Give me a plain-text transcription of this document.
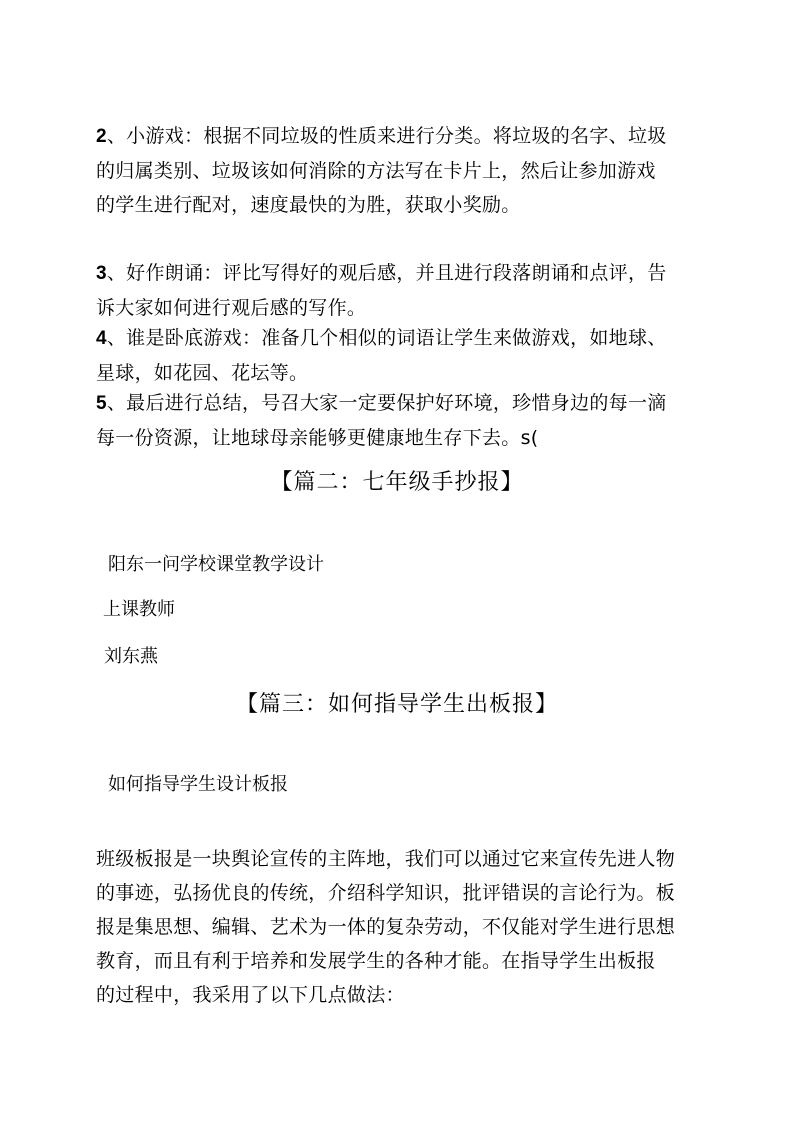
2、小游戏：根据不同垃圾的性质来进行分类。将垃圾的名字、垃圾
的归属类别、垃圾该如何消除的方法写在卡片上，然后让参加游戏
的学生进行配对，速度最快的为胜，获取小奖励。
3、好作朗诵：评比写得好的观后感，并且进行段落朗诵和点评，告
诉大家如何进行观后感的写作。
4、谁是卧底游戏：准备几个相似的词语让学生来做游戏，如地球、
星球，如花园、花坛等。
5、最后进行总结，号召大家一定要保护好环境，珍惜身边的每一滴
每一份资源，让地球母亲能够更健康地生存下去。s(
【篇二：七年级手抄报】
阳东一问学校课堂教学设计
上课教师
刘东燕
【篇三：如何指导学生出板报】
如何指导学生设计板报
班级板报是一块舆论宣传的主阵地，我们可以通过它来宣传先进人物
的事迹，弘扬优良的传统，介绍科学知识，批评错误的言论行为。板
报是集思想、编辑、艺术为一体的复杂劳动，不仅能对学生进行思想
教育，而且有利于培养和发展学生的各种才能。在指导学生出板报
的过程中，我采用了以下几点做法：
